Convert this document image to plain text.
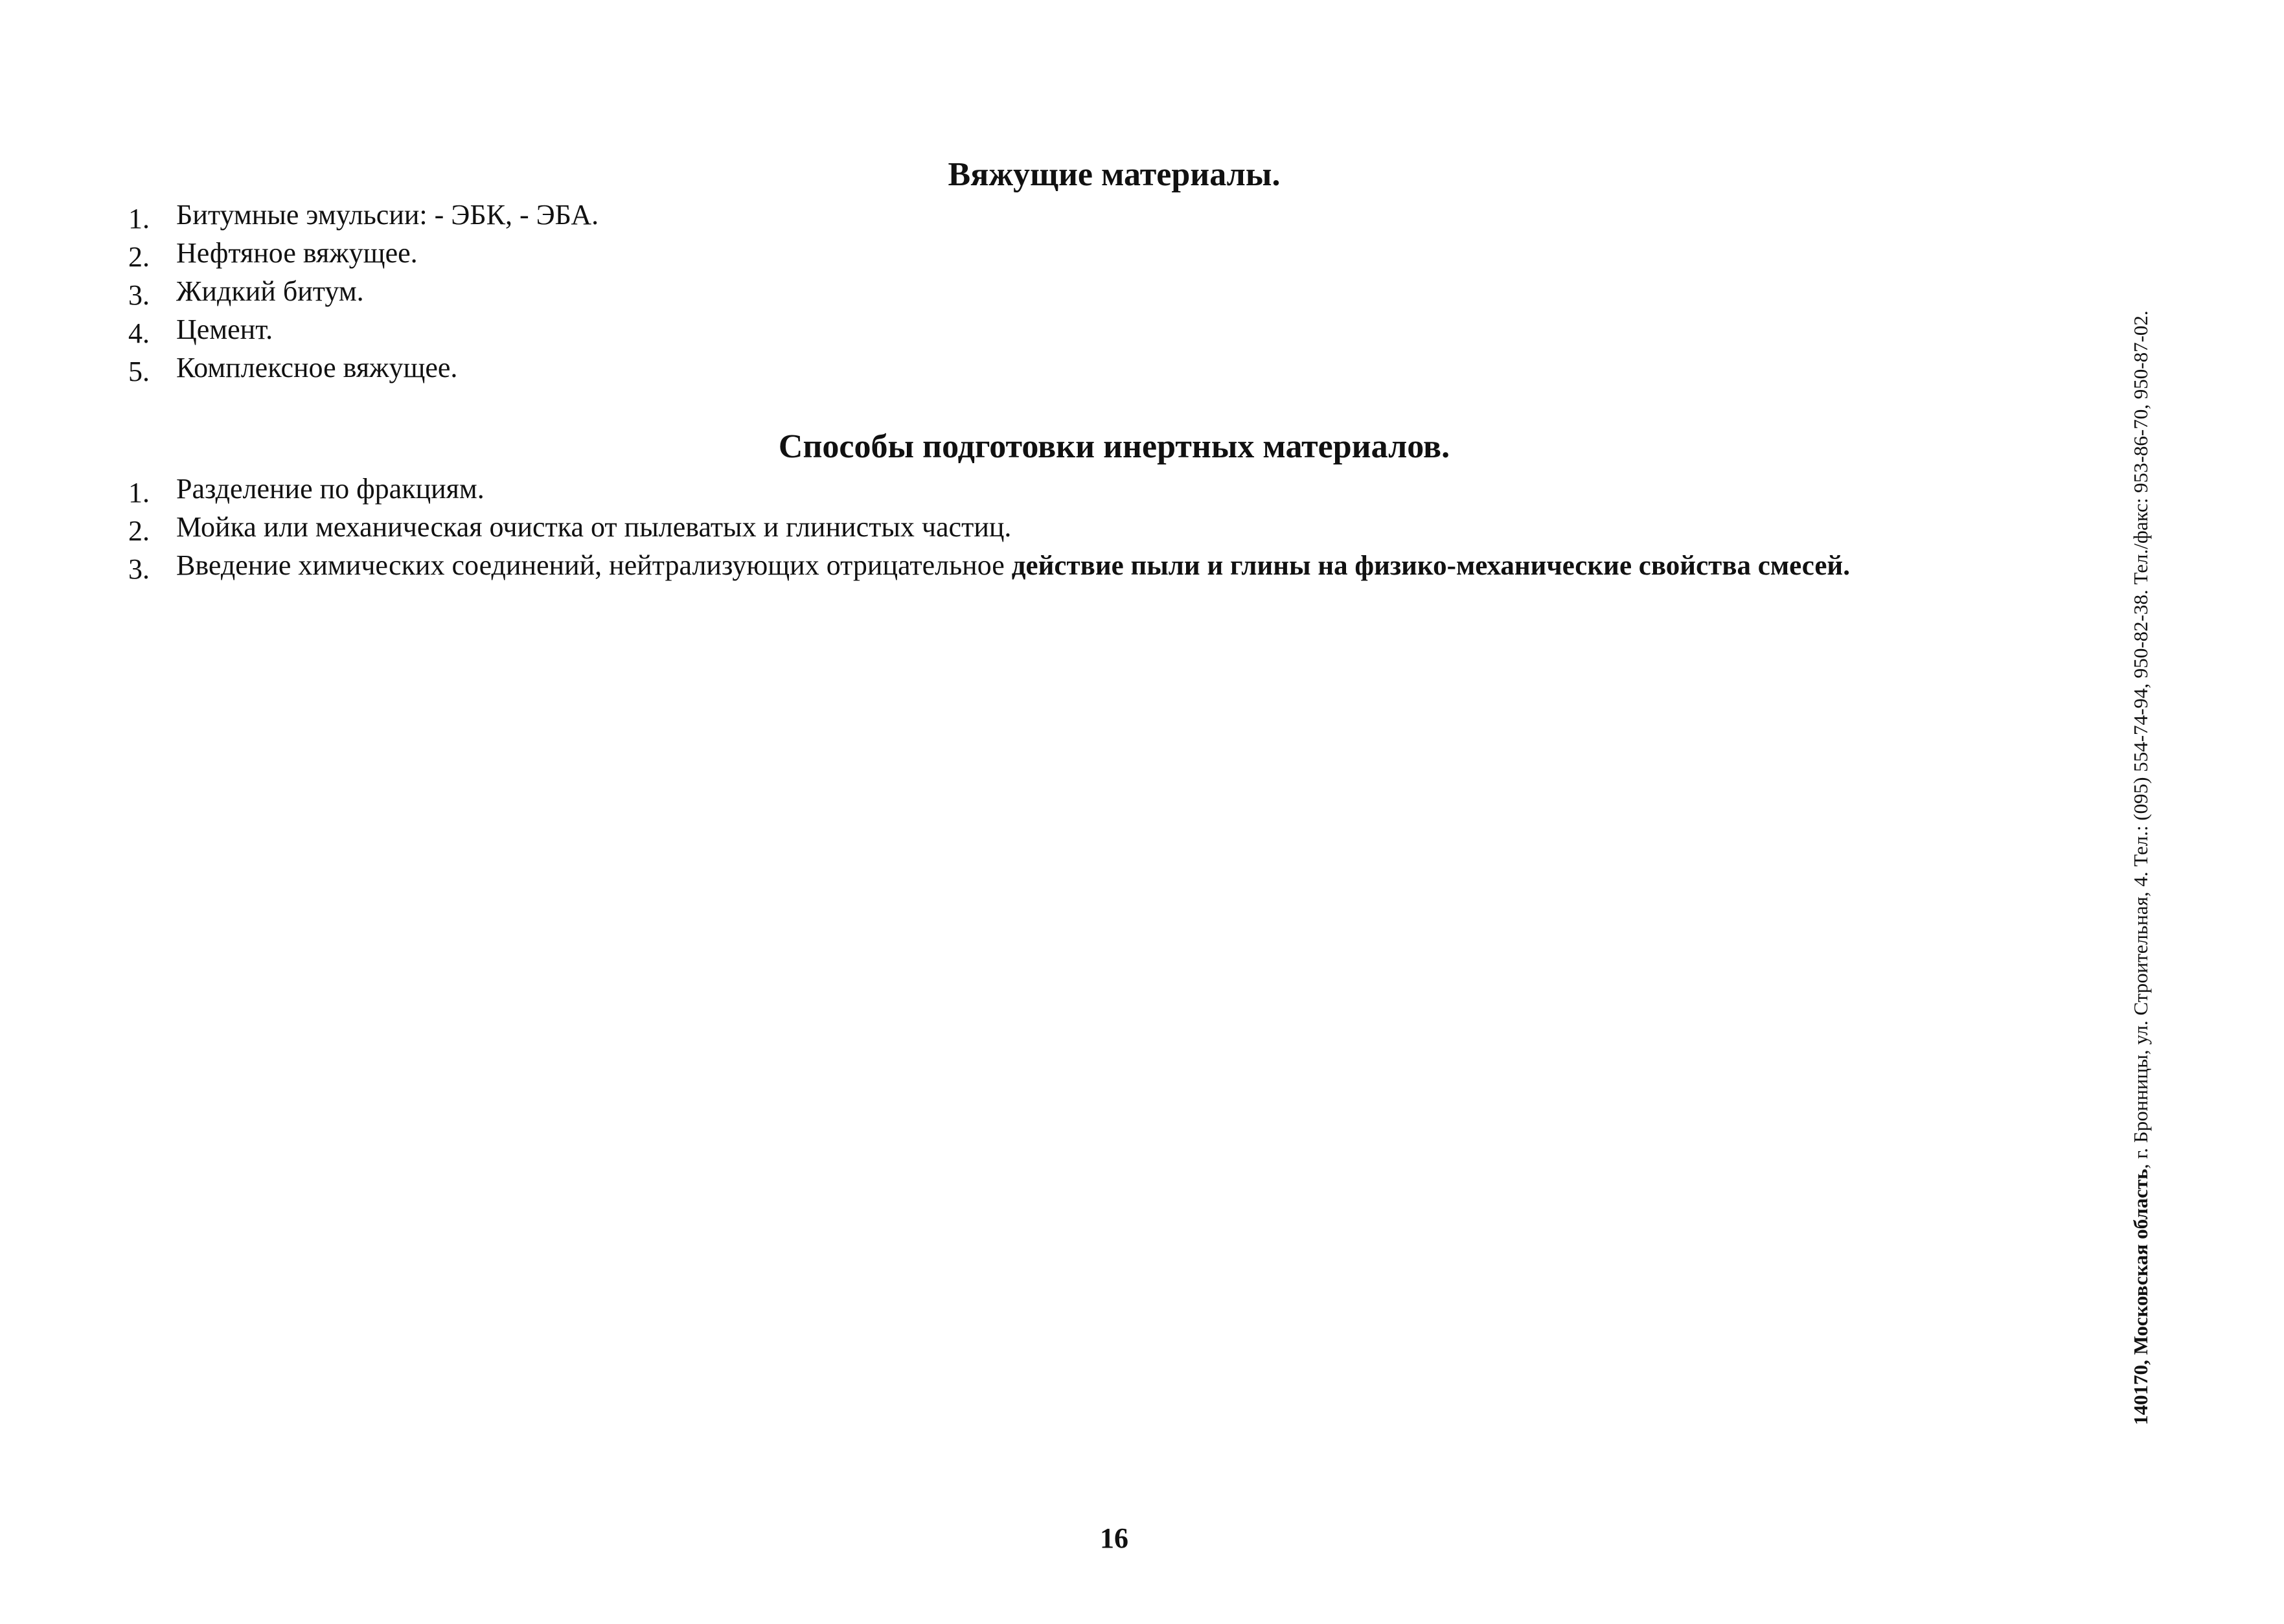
Вяжущие материалы.
1. Битумные эмульсии: - ЭБК, - ЭБА.
2. Нефтяное вяжущее.
3. Жидкий битум.
4. Цемент.
5. Комплексное вяжущее.
Способы подготовки инертных материалов.
1. Разделение по фракциям.
2. Мойка или механическая очистка от пылеватых и глинистых частиц.
3. Введение химических соединений, нейтрализующих отрицательное действие пыли и глины на физико-механические свойства смесей.
140170, Московская область, г. Бронницы, ул. Строительная, 4. Тел.: (095) 554-74-94, 950-82-38. Тел./факс: 953-86-70, 950-87-02.
16
